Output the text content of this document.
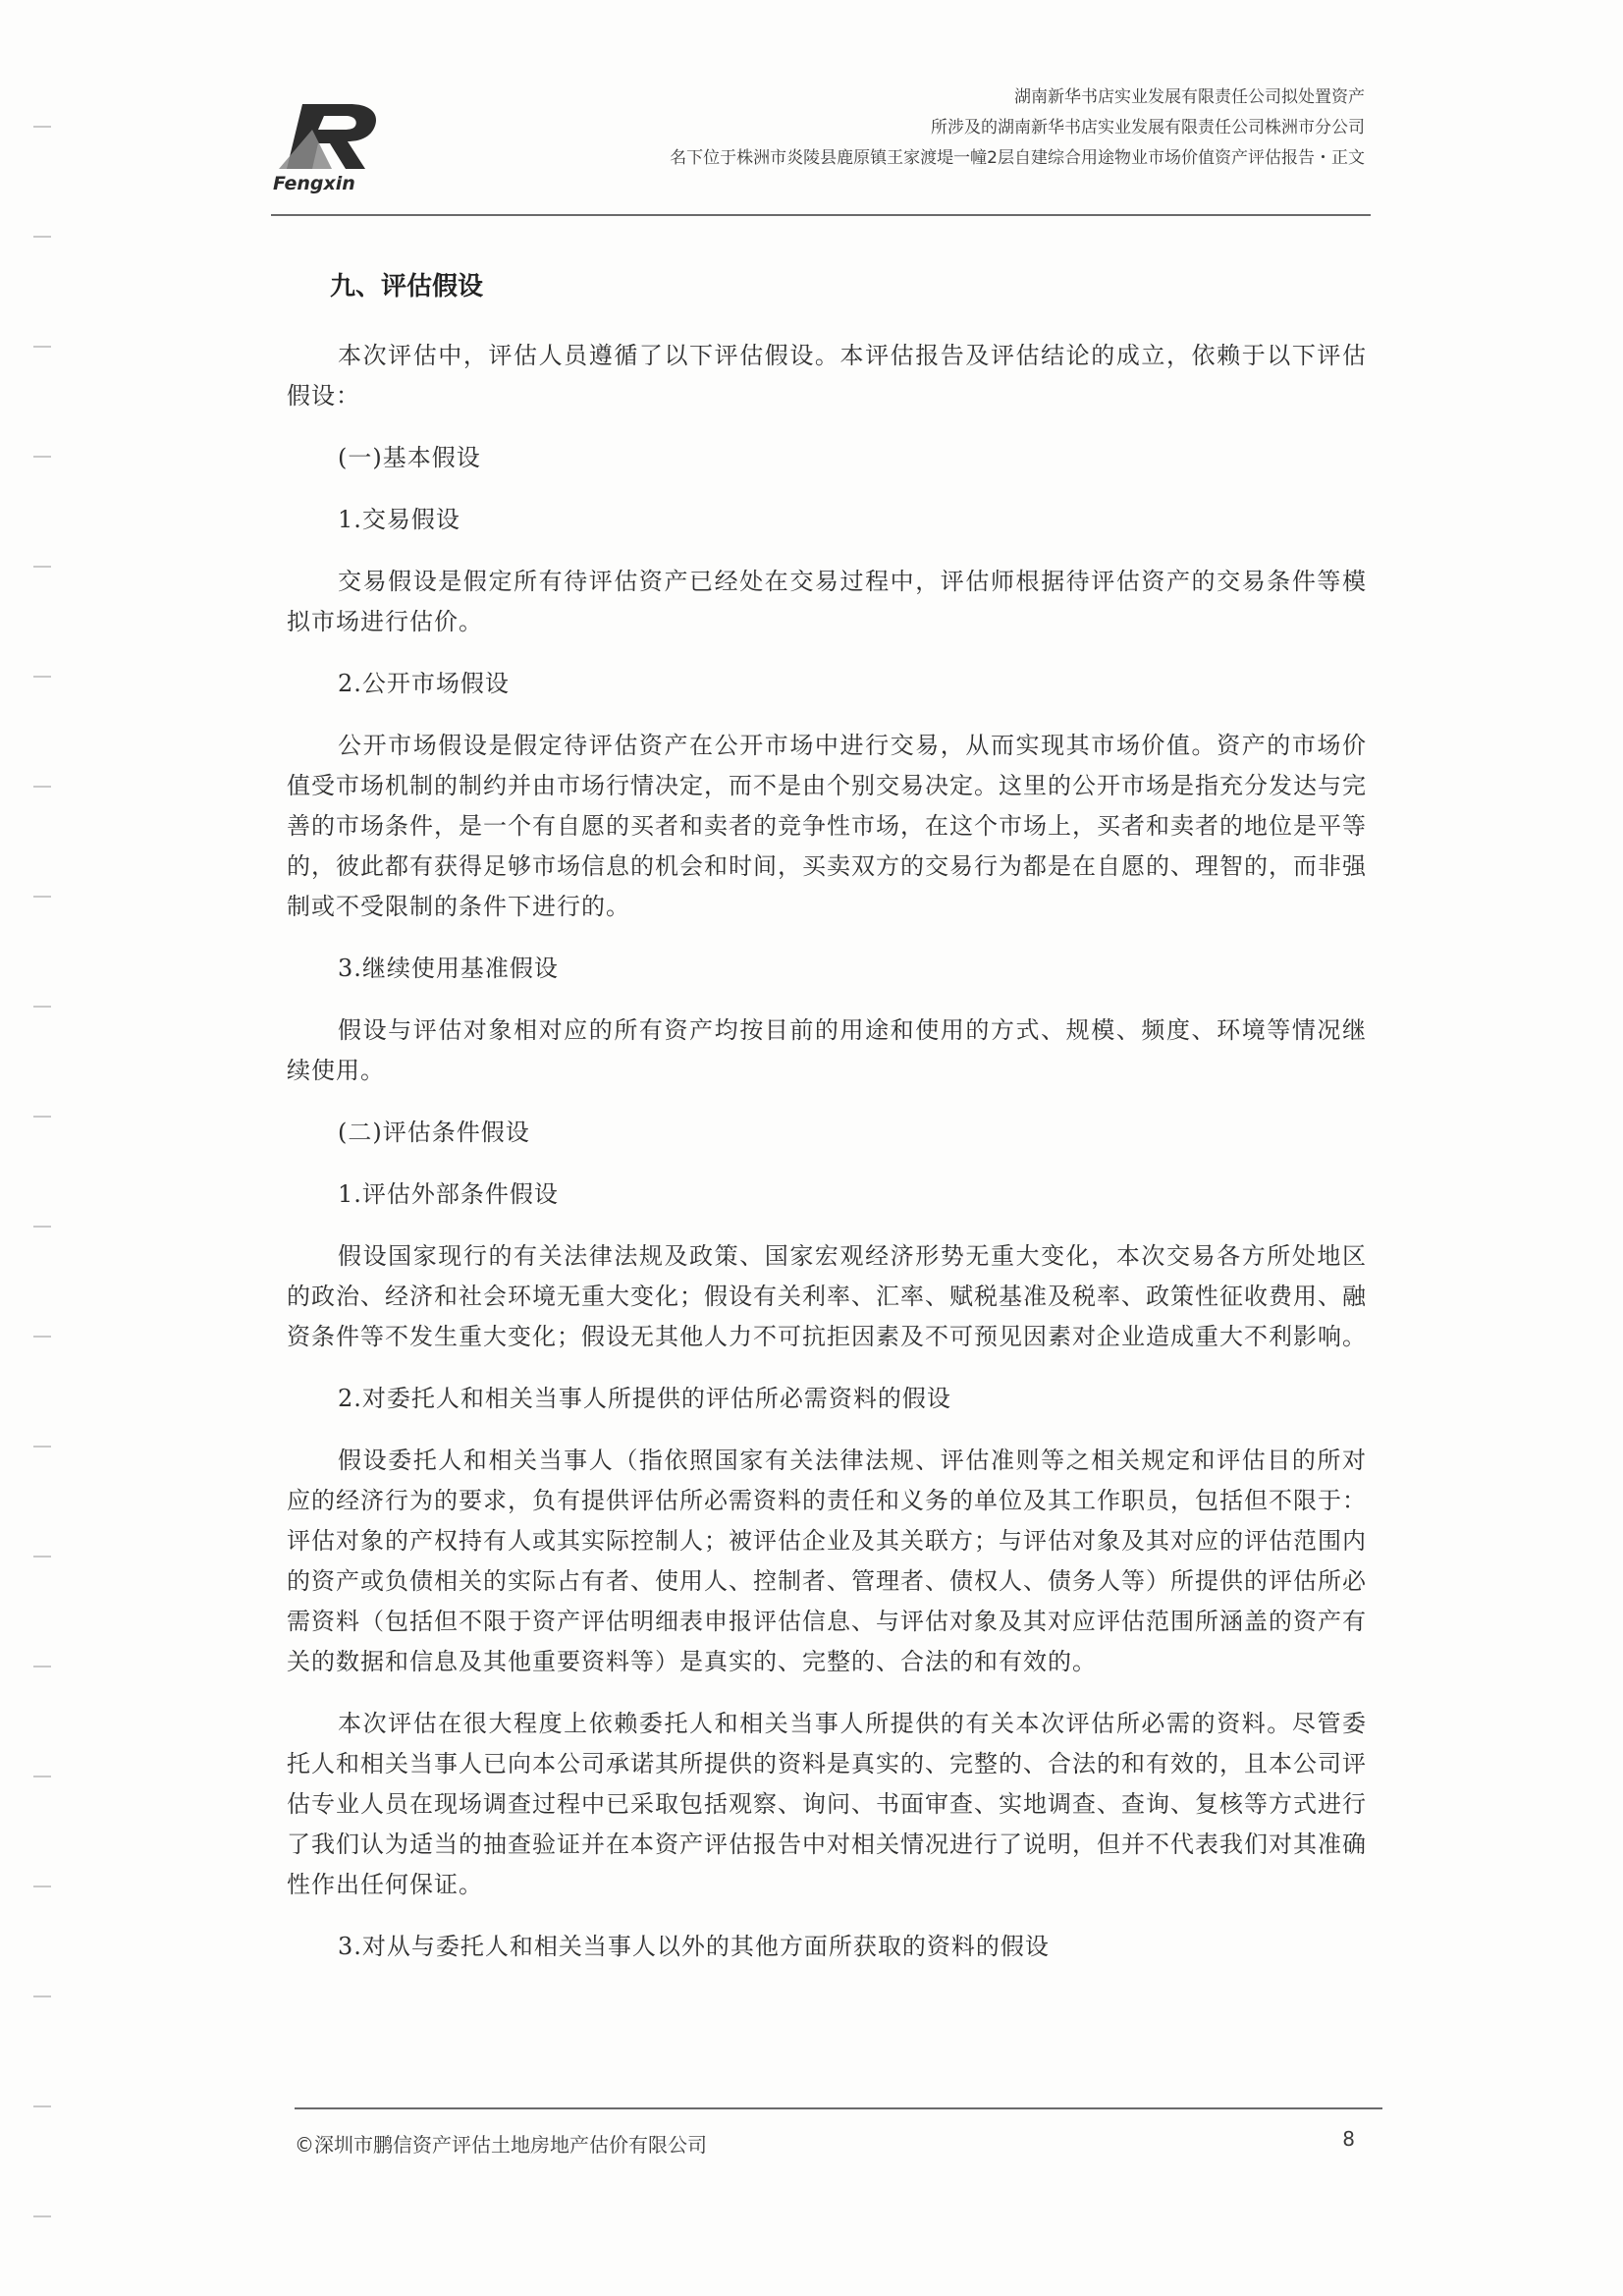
Fengxin
湖南新华书店实业发展有限责任公司拟处置资产
所涉及的湖南新华书店实业发展有限责任公司株洲市分公司
名下位于株洲市炎陵县鹿原镇王家渡堤一幢2层自建综合用途物业市场价值资产评估报告・正文
九、评估假设
本次评估中，评估人员遵循了以下评估假设。本评估报告及评估结论的成立，依赖于以下评估假设：
(一)基本假设
1.交易假设
交易假设是假定所有待评估资产已经处在交易过程中，评估师根据待评估资产的交易条件等模拟市场进行估价。
2.公开市场假设
公开市场假设是假定待评估资产在公开市场中进行交易，从而实现其市场价值。资产的市场价值受市场机制的制约并由市场行情决定，而不是由个别交易决定。这里的公开市场是指充分发达与完善的市场条件，是一个有自愿的买者和卖者的竞争性市场，在这个市场上，买者和卖者的地位是平等的，彼此都有获得足够市场信息的机会和时间，买卖双方的交易行为都是在自愿的、理智的，而非强制或不受限制的条件下进行的。
3.继续使用基准假设
假设与评估对象相对应的所有资产均按目前的用途和使用的方式、规模、频度、环境等情况继续使用。
(二)评估条件假设
1.评估外部条件假设
假设国家现行的有关法律法规及政策、国家宏观经济形势无重大变化，本次交易各方所处地区的政治、经济和社会环境无重大变化；假设有关利率、汇率、赋税基准及税率、政策性征收费用、融资条件等不发生重大变化；假设无其他人力不可抗拒因素及不可预见因素对企业造成重大不利影响。
2.对委托人和相关当事人所提供的评估所必需资料的假设
假设委托人和相关当事人（指依照国家有关法律法规、评估准则等之相关规定和评估目的所对应的经济行为的要求，负有提供评估所必需资料的责任和义务的单位及其工作职员，包括但不限于：评估对象的产权持有人或其实际控制人；被评估企业及其关联方；与评估对象及其对应的评估范围内的资产或负债相关的实际占有者、使用人、控制者、管理者、债权人、债务人等）所提供的评估所必需资料（包括但不限于资产评估明细表申报评估信息、与评估对象及其对应评估范围所涵盖的资产有关的数据和信息及其他重要资料等）是真实的、完整的、合法的和有效的。
本次评估在很大程度上依赖委托人和相关当事人所提供的有关本次评估所必需的资料。尽管委托人和相关当事人已向本公司承诺其所提供的资料是真实的、完整的、合法的和有效的，且本公司评估专业人员在现场调查过程中已采取包括观察、询问、书面审查、实地调查、查询、复核等方式进行了我们认为适当的抽查验证并在本资产评估报告中对相关情况进行了说明，但并不代表我们对其准确性作出任何保证。
3.对从与委托人和相关当事人以外的其他方面所获取的资料的假设
©深圳市鹏信资产评估土地房地产估价有限公司	8
